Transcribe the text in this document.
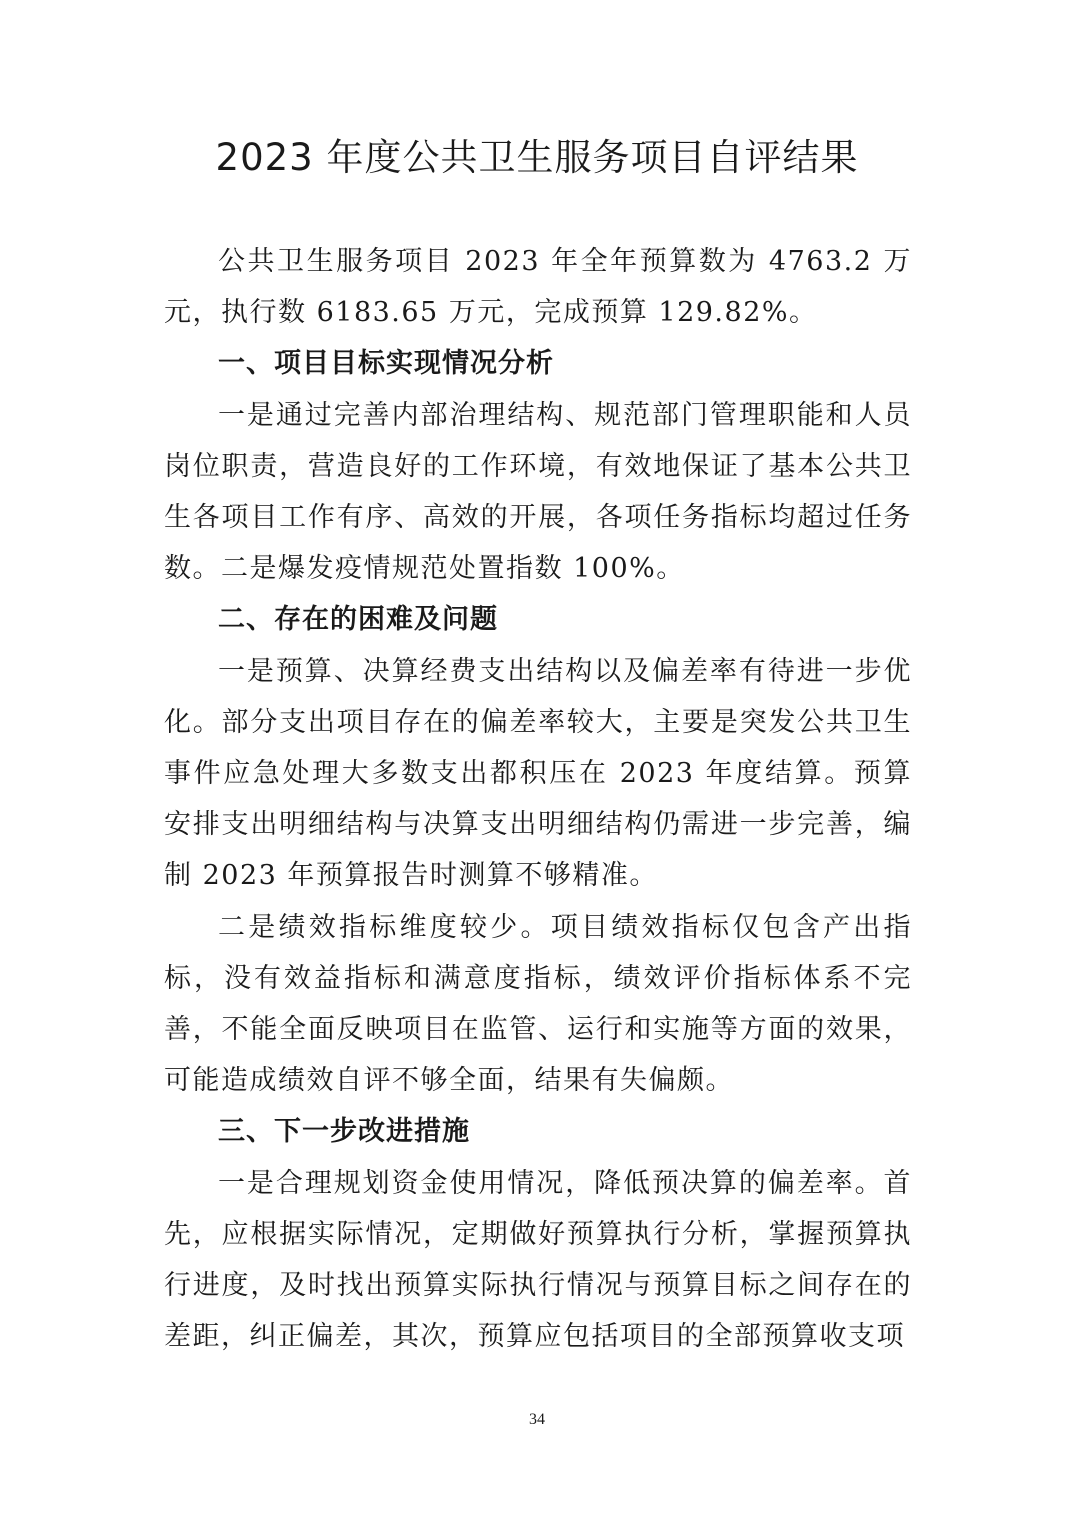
2023 年度公共卫生服务项目自评结果

公共卫生服务项目 2023 年全年预算数为 4763.2 万元，执行数 6183.65 万元，完成预算 129.82%。

一、项目目标实现情况分析

一是通过完善内部治理结构、规范部门管理职能和人员岗位职责，营造良好的工作环境，有效地保证了基本公共卫生各项目工作有序、高效的开展，各项任务指标均超过任务数。二是爆发疫情规范处置指数 100%。

二、存在的困难及问题

一是预算、决算经费支出结构以及偏差率有待进一步优化。部分支出项目存在的偏差率较大，主要是突发公共卫生事件应急处理大多数支出都积压在 2023 年度结算。预算安排支出明细结构与决算支出明细结构仍需进一步完善，编制 2023 年预算报告时测算不够精准。

二是绩效指标维度较少。项目绩效指标仅包含产出指标，没有效益指标和满意度指标，绩效评价指标体系不完善，不能全面反映项目在监管、运行和实施等方面的效果，可能造成绩效自评不够全面，结果有失偏颇。

三、下一步改进措施

一是合理规划资金使用情况，降低预决算的偏差率。首先，应根据实际情况，定期做好预算执行分析，掌握预算执行进度，及时找出预算实际执行情况与预算目标之间存在的差距，纠正偏差，其次，预算应包括项目的全部预算收支项

34
